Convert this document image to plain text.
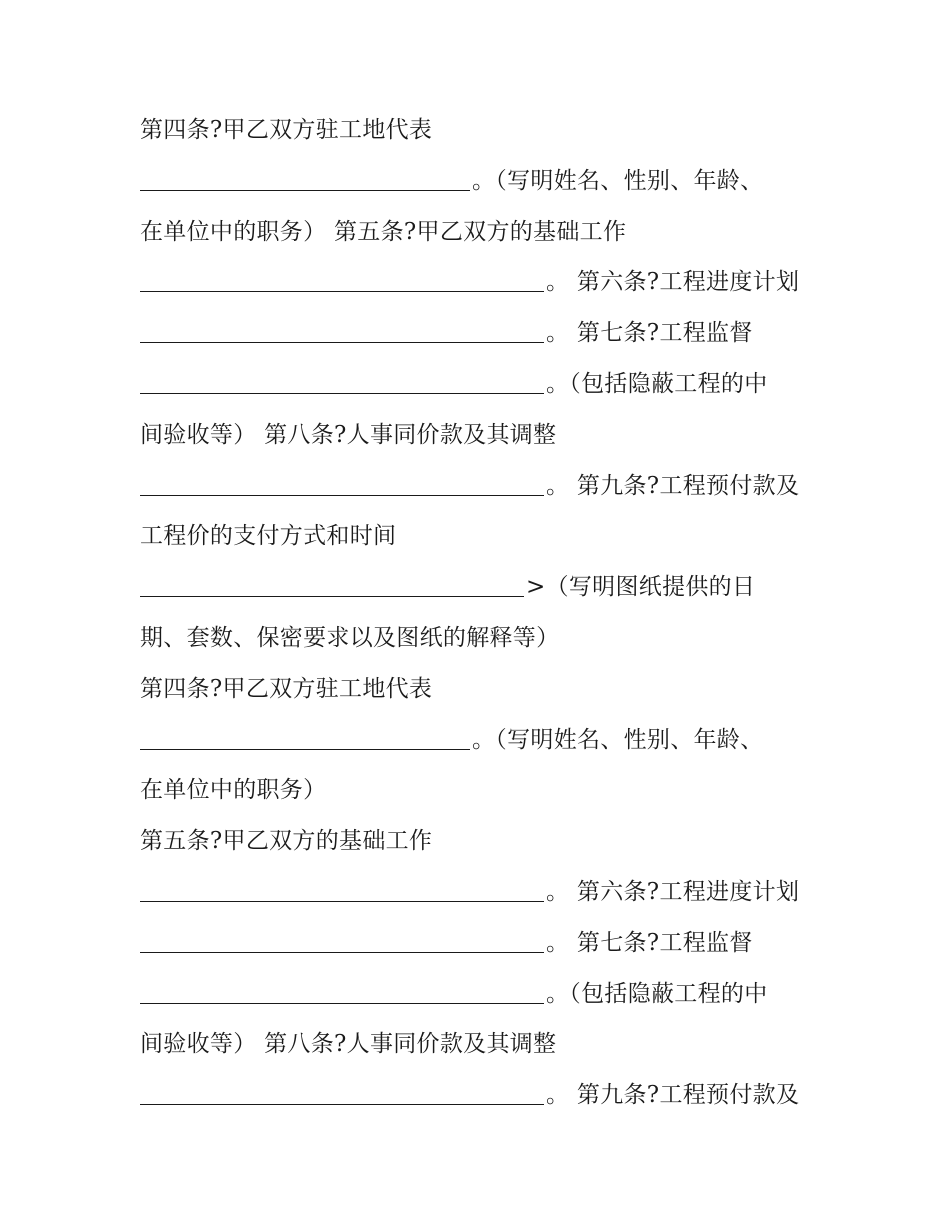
第四条?甲乙双方驻工地代表
。（写明姓名、性别、年龄、
在单位中的职务） 第五条?甲乙双方的基础工作
。 第六条?工程进度计划
。 第七条?工程监督
。（包括隐蔽工程的中
间验收等） 第八条?人事同价款及其调整
。 第九条?工程预付款及
工程价的支付方式和时间
>（写明图纸提供的日
期、套数、保密要求以及图纸的解释等）
第四条?甲乙双方驻工地代表
。（写明姓名、性别、年龄、
在单位中的职务）
第五条?甲乙双方的基础工作
。 第六条?工程进度计划
。 第七条?工程监督
。（包括隐蔽工程的中
间验收等） 第八条?人事同价款及其调整
。 第九条?工程预付款及
